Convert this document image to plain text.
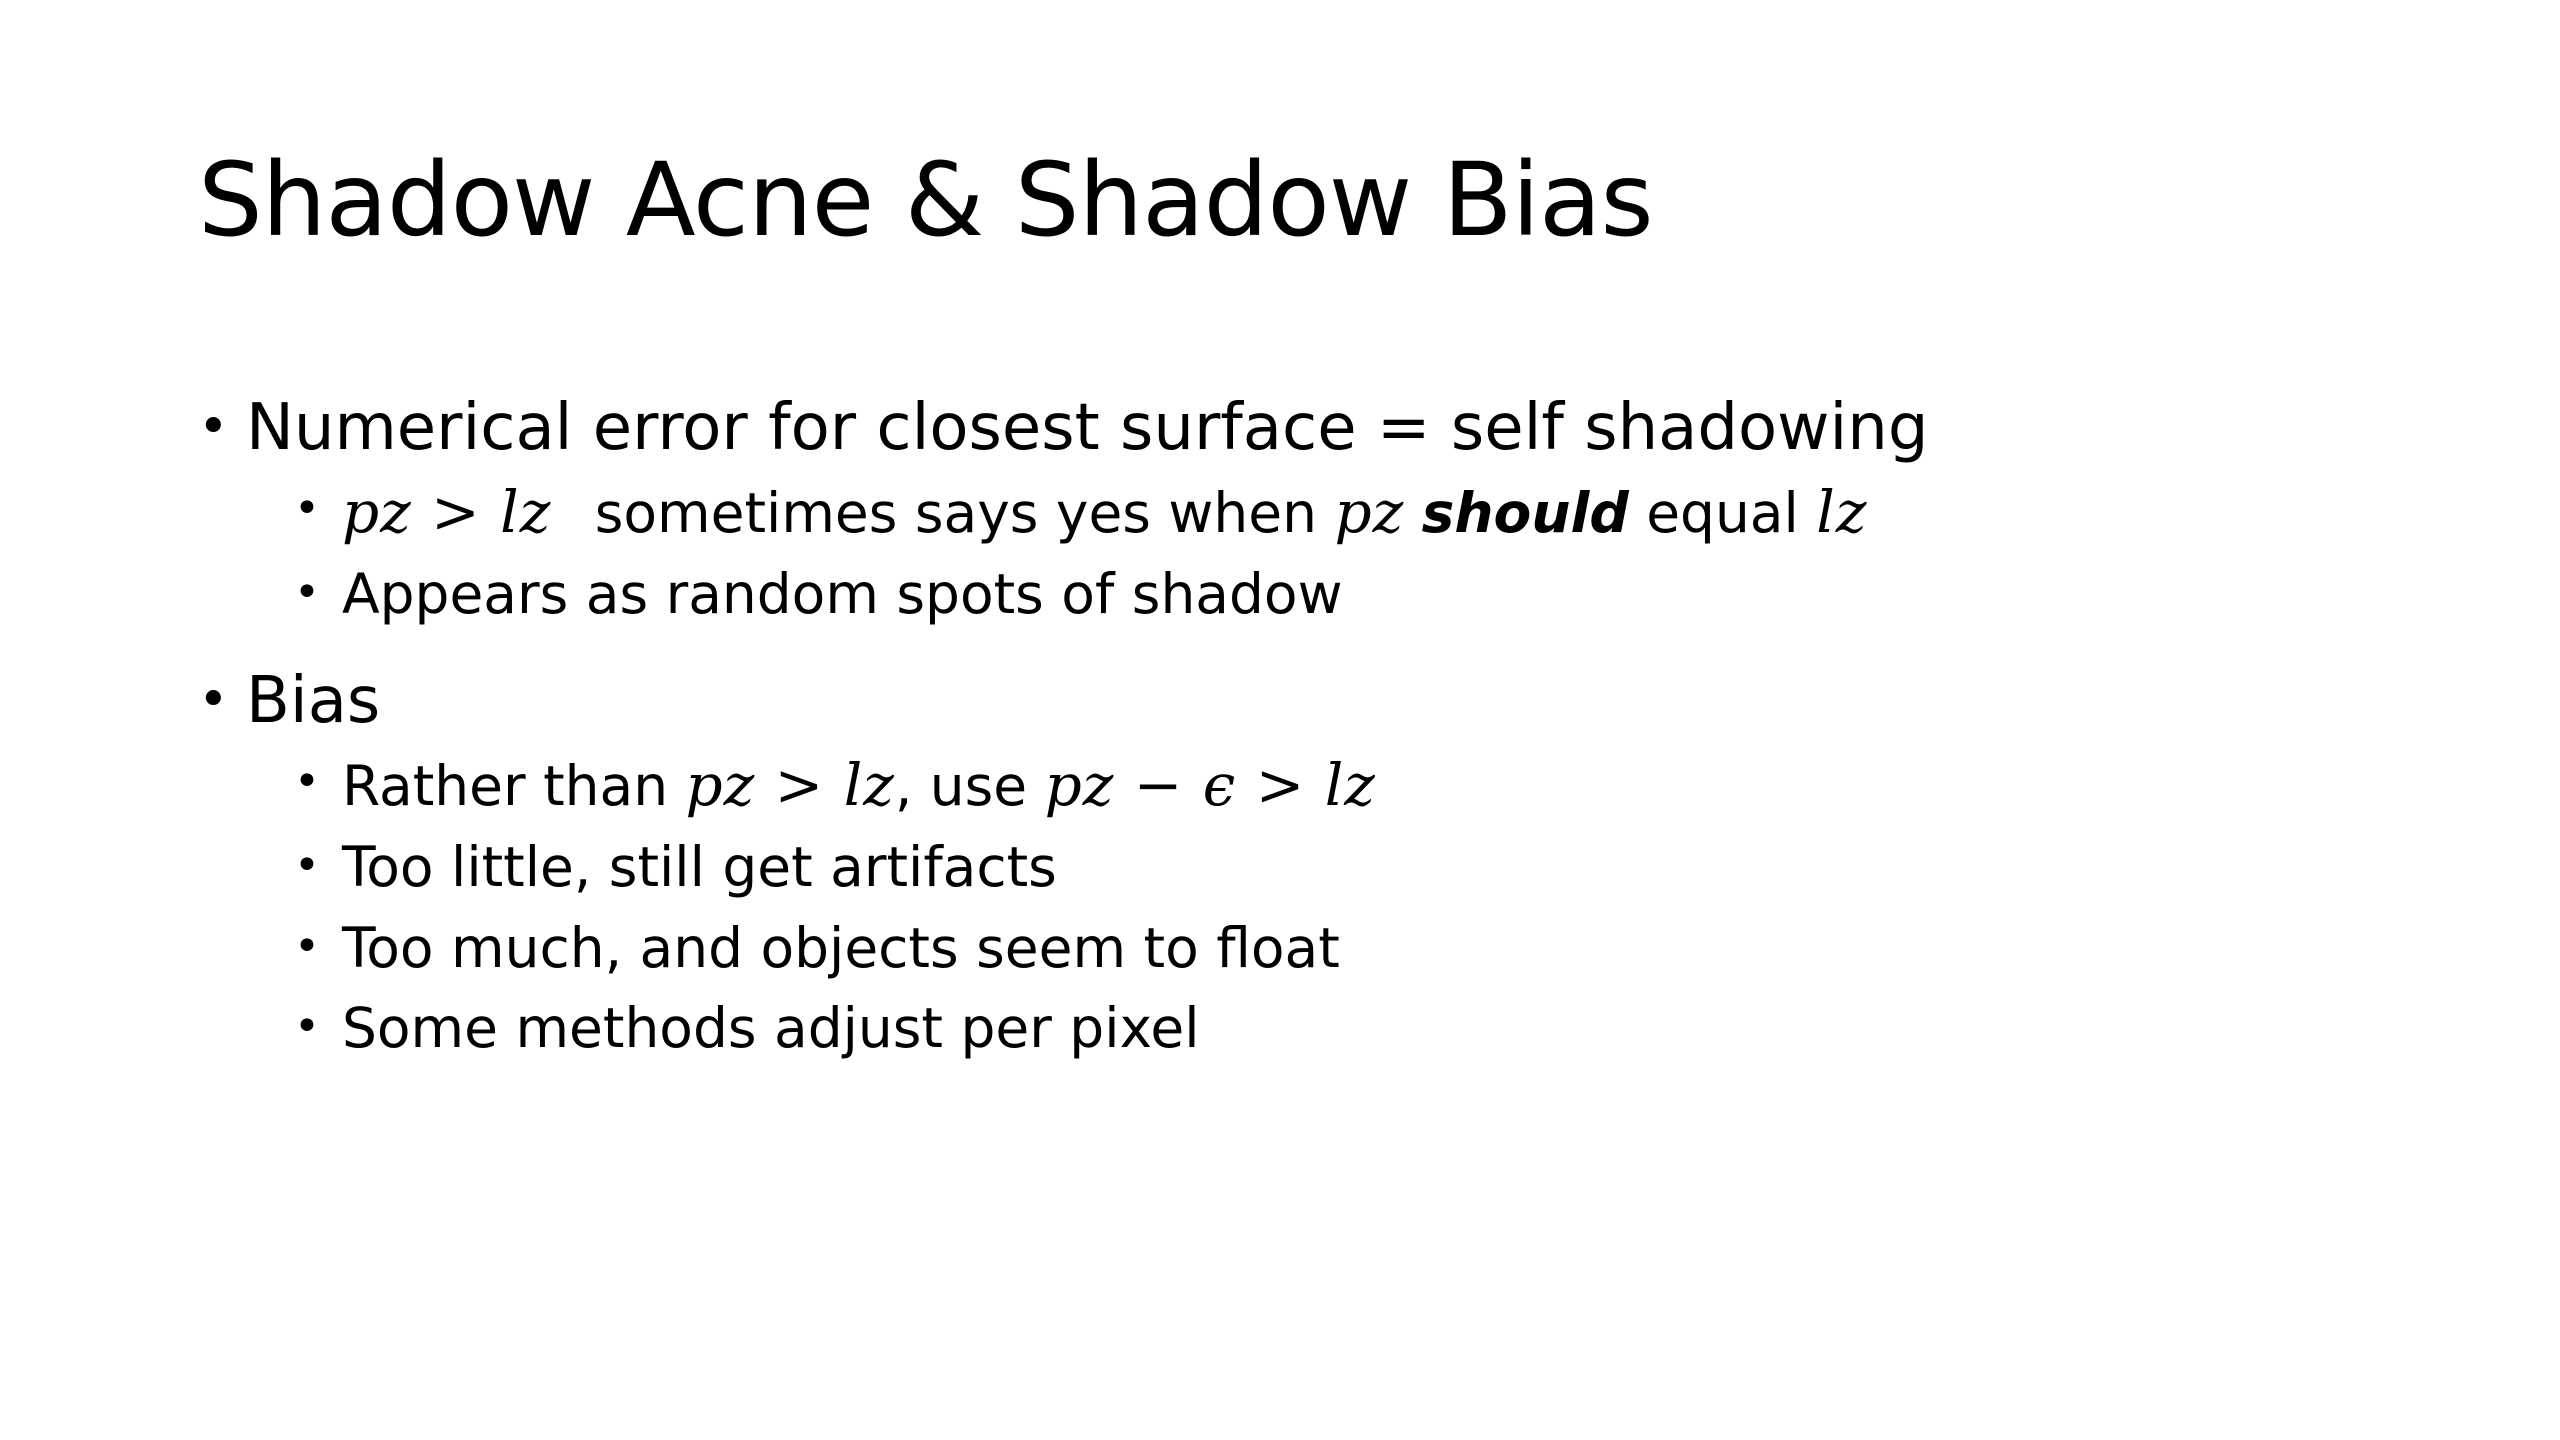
Shadow Acne & Shadow Bias
• Numerical error for closest surface = self shadowing
• pz > lz sometimes says yes when pz should equal lz
• Appears as random spots of shadow
• Bias
• Rather than pz > lz, use pz − ϵ > lz
• Too little, still get artifacts
• Too much, and objects seem to float
• Some methods adjust per pixel
